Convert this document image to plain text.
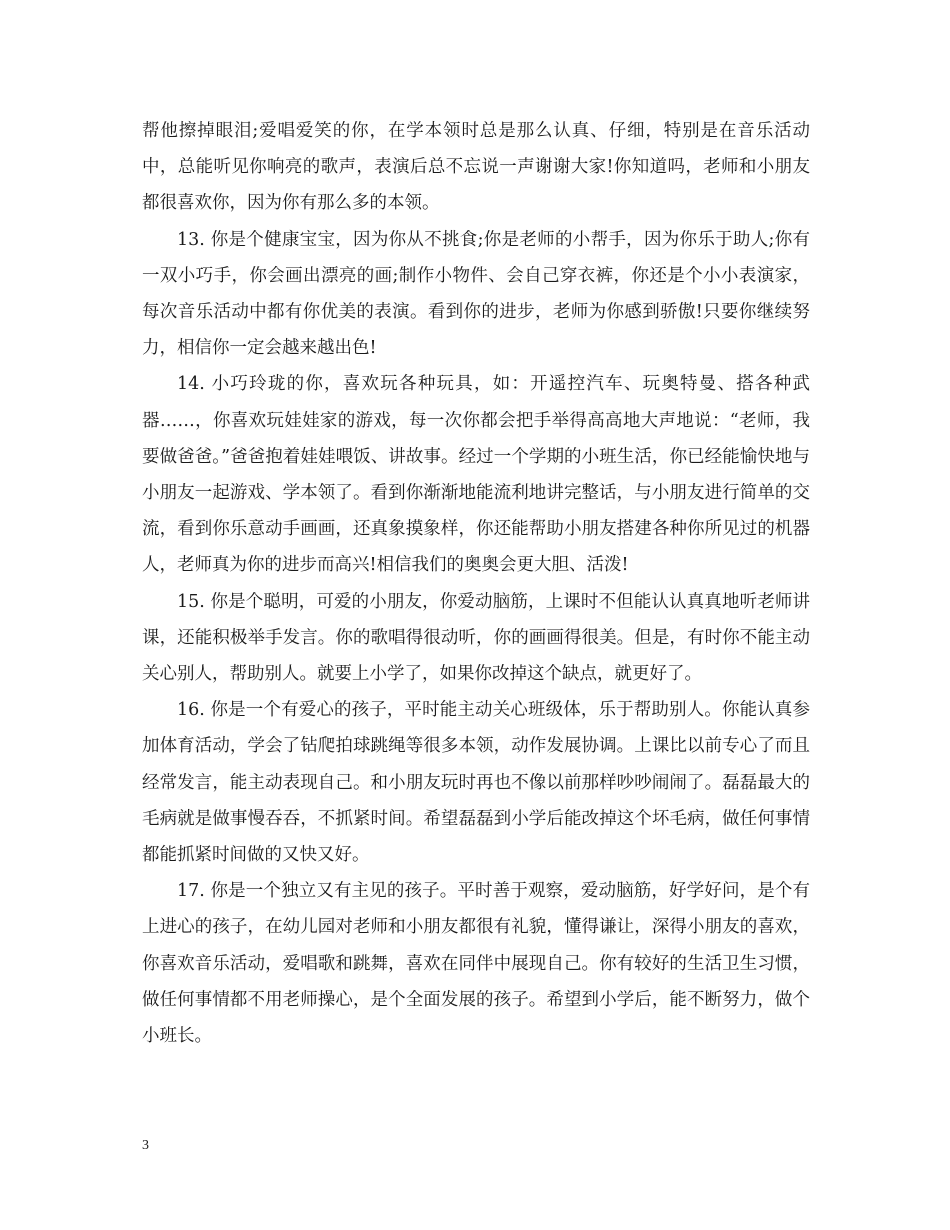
帮他擦掉眼泪;爱唱爱笑的你，在学本领时总是那么认真、仔细，特别是在音乐活动中，总能听见你响亮的歌声，表演后总不忘说一声谢谢大家!你知道吗，老师和小朋友都很喜欢你，因为你有那么多的本领。

13. 你是个健康宝宝，因为你从不挑食;你是老师的小帮手，因为你乐于助人;你有一双小巧手，你会画出漂亮的画;制作小物件、会自己穿衣裤，你还是个小小表演家，每次音乐活动中都有你优美的表演。看到你的进步，老师为你感到骄傲!只要你继续努力，相信你一定会越来越出色!

14. 小巧玲珑的你，喜欢玩各种玩具，如：开遥控汽车、玩奥特曼、搭各种武器……，你喜欢玩娃娃家的游戏，每一次你都会把手举得高高地大声地说：“老师，我要做爸爸。”爸爸抱着娃娃喂饭、讲故事。经过一个学期的小班生活，你已经能愉快地与小朋友一起游戏、学本领了。看到你渐渐地能流利地讲完整话，与小朋友进行简单的交流，看到你乐意动手画画，还真象摸象样，你还能帮助小朋友搭建各种你所见过的机器人，老师真为你的进步而高兴!相信我们的奥奥会更大胆、活泼!

15. 你是个聪明，可爱的小朋友，你爱动脑筋，上课时不但能认认真真地听老师讲课，还能积极举手发言。你的歌唱得很动听，你的画画得很美。但是，有时你不能主动关心别人，帮助别人。就要上小学了，如果你改掉这个缺点，就更好了。

16. 你是一个有爱心的孩子，平时能主动关心班级体，乐于帮助别人。你能认真参加体育活动，学会了钻爬拍球跳绳等很多本领，动作发展协调。上课比以前专心了而且经常发言，能主动表现自己。和小朋友玩时再也不像以前那样吵吵闹闹了。磊磊最大的毛病就是做事慢吞吞，不抓紧时间。希望磊磊到小学后能改掉这个坏毛病，做任何事情都能抓紧时间做的又快又好。

17. 你是一个独立又有主见的孩子。平时善于观察，爱动脑筋，好学好问，是个有上进心的孩子，在幼儿园对老师和小朋友都很有礼貌，懂得谦让，深得小朋友的喜欢，你喜欢音乐活动，爱唱歌和跳舞，喜欢在同伴中展现自己。你有较好的生活卫生习惯，做任何事情都不用老师操心，是个全面发展的孩子。希望到小学后，能不断努力，做个小班长。

3
